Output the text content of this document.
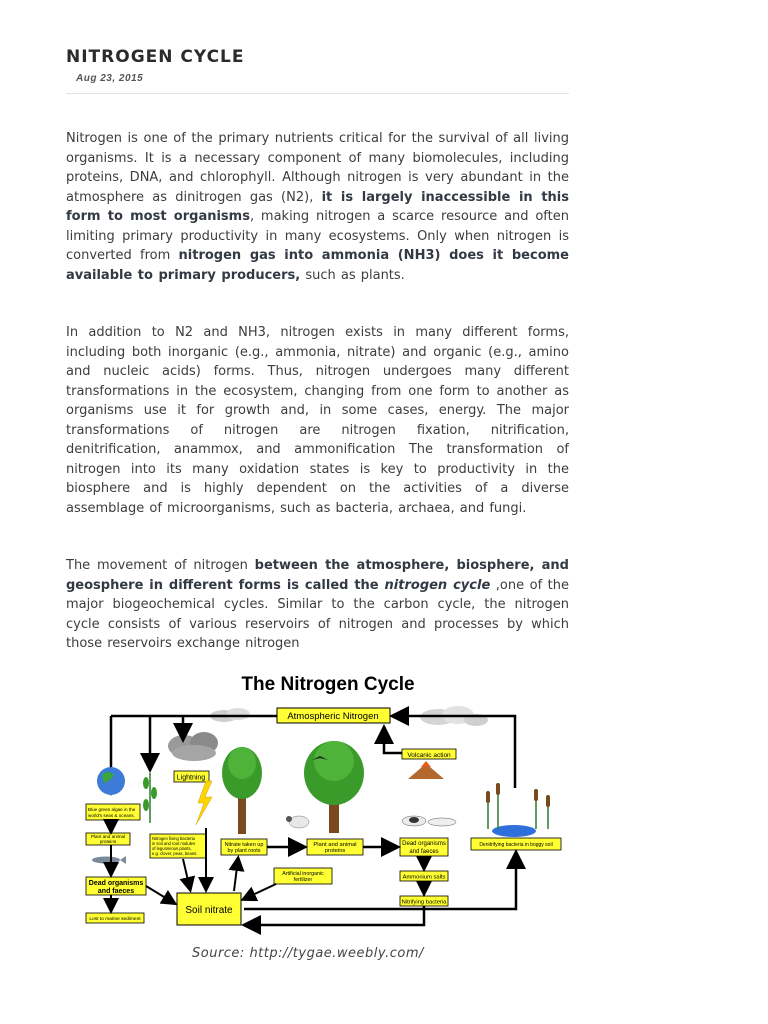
NITROGEN CYCLE
Aug 23, 2015

Nitrogen is one of the primary nutrients critical for the survival of all living organisms. It is a necessary component of many biomolecules, including proteins, DNA, and chlorophyll. Although nitrogen is very abundant in the atmosphere as dinitrogen gas (N2), it is largely inaccessible in this form to most organisms, making nitrogen a scarce resource and often limiting primary productivity in many ecosystems. Only when nitrogen is converted from nitrogen gas into ammonia (NH3) does it become available to primary producers, such as plants.

In addition to N2 and NH3, nitrogen exists in many different forms, including both inorganic (e.g., ammonia, nitrate) and organic (e.g., amino and nucleic acids) forms. Thus, nitrogen undergoes many different transformations in the ecosystem, changing from one form to another as organisms use it for growth and, in some cases, energy. The major transformations of nitrogen are nitrogen fixation, nitrification, denitrification, anammox, and ammonification The transformation of nitrogen into its many oxidation states is key to productivity in the biosphere and is highly dependent on the activities of a diverse assemblage of microorganisms, such as bacteria, archaea, and fungi.

The movement of nitrogen between the atmosphere, biosphere, and geosphere in different forms is called the nitrogen cycle ,one of the major biogeochemical cycles. Similar to the carbon cycle, the nitrogen cycle consists of various reservoirs of nitrogen and processes by which those reservoirs exchange nitrogen

The Nitrogen Cycle
Atmospheric Nitrogen
Volcanic action
Lightning
Blue green algae in the
world's seas & oceans.
Plant and animal
proteins
Dead organisms
and faeces
Lost to marine sediment
Nitrogen fixing bacteria
in soil and root nodules
of leguminous plants,
e.g. clover, peas, beans.
Soil nitrate
Nitrate taken up
by plant roots
Plant and animal
proteins
Dead organisms
and faeces
Denitrifying bacteria in boggy soil
Artificial inorganic
fertilizer	Ammonium salts
Nitrifying bacteria
Source: http://tygae.weebly.com/
